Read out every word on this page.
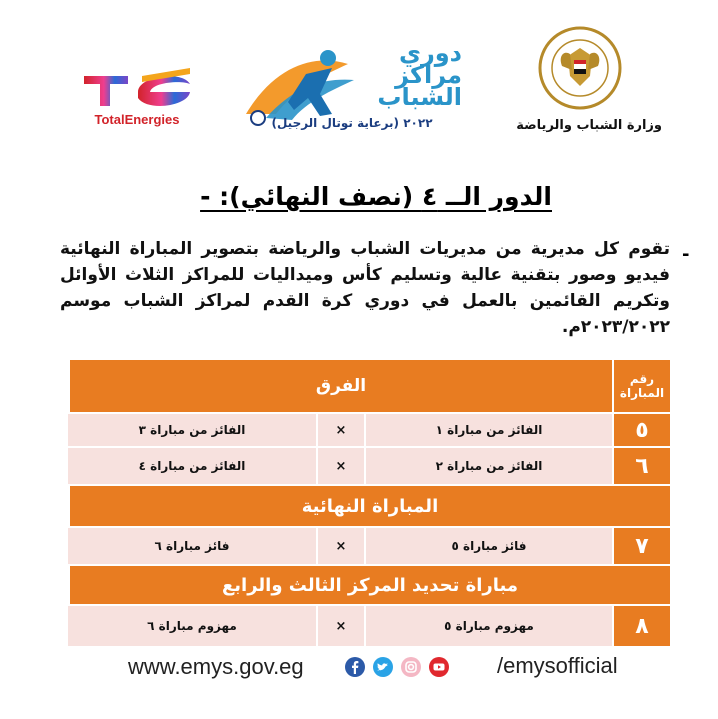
TotalEnergies
دوري مراكز الشباب
٢٠٢٢ (برعاية توتال الرجيل)	وزارة الشباب والرياضة
الدور الــ ٤ (نصف النهائي): -
-
تقوم كل مديرية من مديريات الشباب والرياضة بتصوير المباراة النهائية فيديو وصور بتقنية عالية وتسليم كأس وميداليات للمراكز الثلاث الأوائل وتكريم القائمين بالعمل في دوري كرة القدم لمراكز الشباب موسم ٢٠٢٣/٢٠٢٢م.
رقم
المباراة
الفرق
٥
الفائز من مباراة ١
×
الفائز من مباراة ٣
٦
الفائز من مباراة ٢
×
الفائز من مباراة ٤
المباراة النهائية
٧
فائز مباراة ٥
×
فائز مباراة ٦
مباراة تحديد المركز الثالث والرابع
٨
مهزوم مباراة ٥
×
مهزوم مباراة ٦
www.emys.gov.eg	/emysofficial
